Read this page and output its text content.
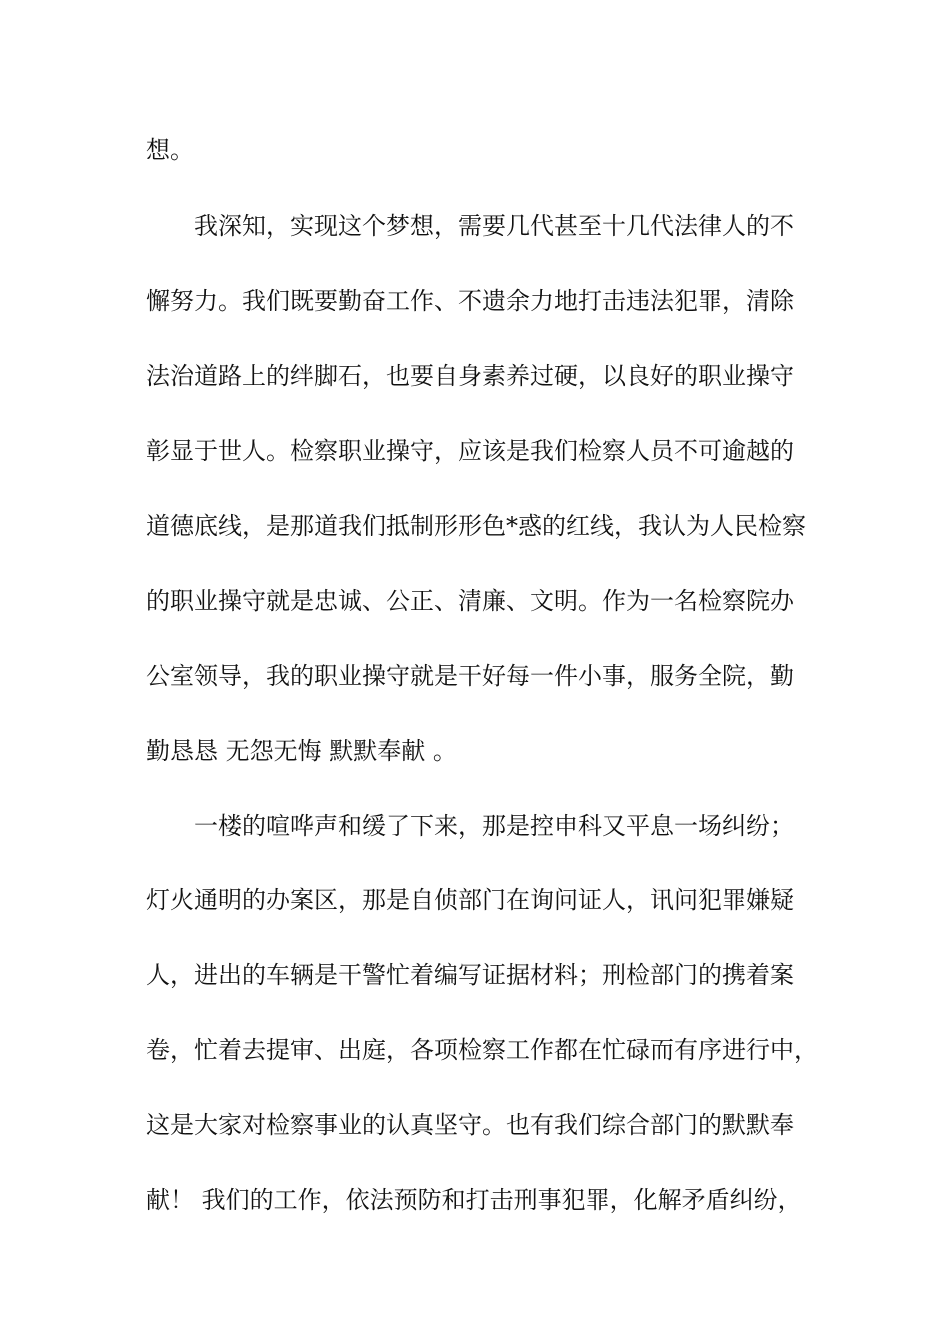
想。
我深知，实现这个梦想，需要几代甚至十几代法律人的不
懈努力。我们既要勤奋工作、不遗余力地打击违法犯罪，清除
法治道路上的绊脚石，也要自身素养过硬，以良好的职业操守
彰显于世人。检察职业操守，应该是我们检察人员不可逾越的
道德底线，是那道我们抵制形形色*惑的红线，我认为人民检察
的职业操守就是忠诚、公正、清廉、文明。作为一名检察院办
公室领导，我的职业操守就是干好每一件小事，服务全院，勤
勤恳恳 无怨无悔 默默奉献 。
一楼的喧哗声和缓了下来，那是控申科又平息一场纠纷；
灯火通明的办案区，那是自侦部门在询问证人，讯问犯罪嫌疑
人，进出的车辆是干警忙着编写证据材料；刑检部门的携着案
卷，忙着去提审、出庭，各项检察工作都在忙碌而有序进行中，
这是大家对检察事业的认真坚守。也有我们综合部门的默默奉
献！ 我们的工作，依法预防和打击刑事犯罪，化解矛盾纠纷，
